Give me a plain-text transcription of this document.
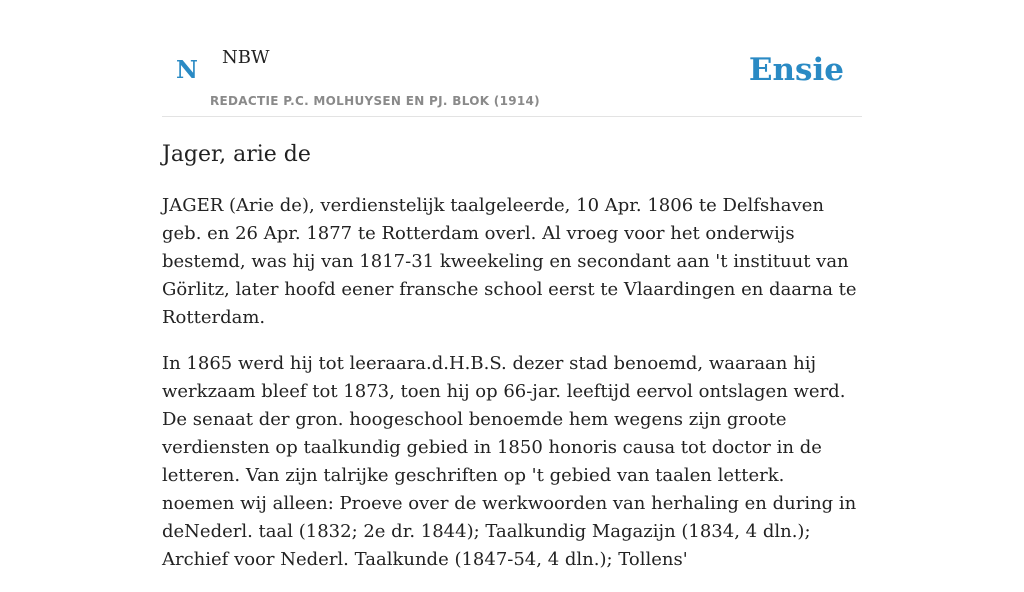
N NBW
REDACTIE P.C. MOLHUYSEN EN PJ. BLOK (1914)
Ensie
Jager, arie de

JAGER (Arie de), verdienstelijk taalgeleerde, 10 Apr. 1806 te Delfshaven geb. en 26 Apr. 1877 te Rotterdam overl. Al vroeg voor het onderwijs bestemd, was hij van 1817-31 kweekeling en secondant aan 't instituut van Görlitz, later hoofd eener fransche school eerst te Vlaardingen en daarna te Rotterdam.

In 1865 werd hij tot leeraara.d.H.B.S. dezer stad benoemd, waaraan hij werkzaam bleef tot 1873, toen hij op 66-jar. leeftijd eervol ontslagen werd. De senaat der gron. hoogeschool benoemde hem wegens zijn groote verdiensten op taalkundig gebied in 1850 honoris causa tot doctor in de letteren. Van zijn talrijke geschriften op 't gebied van taalen letterk. noemen wij alleen: Proeve over de werkwoorden van herhaling en during in deNederl. taal (1832; 2e dr. 1844); Taalkundig Magazijn (1834, 4 dln.); Archief voor Nederl. Taalkunde (1847-54, 4 dln.); Tollens'
